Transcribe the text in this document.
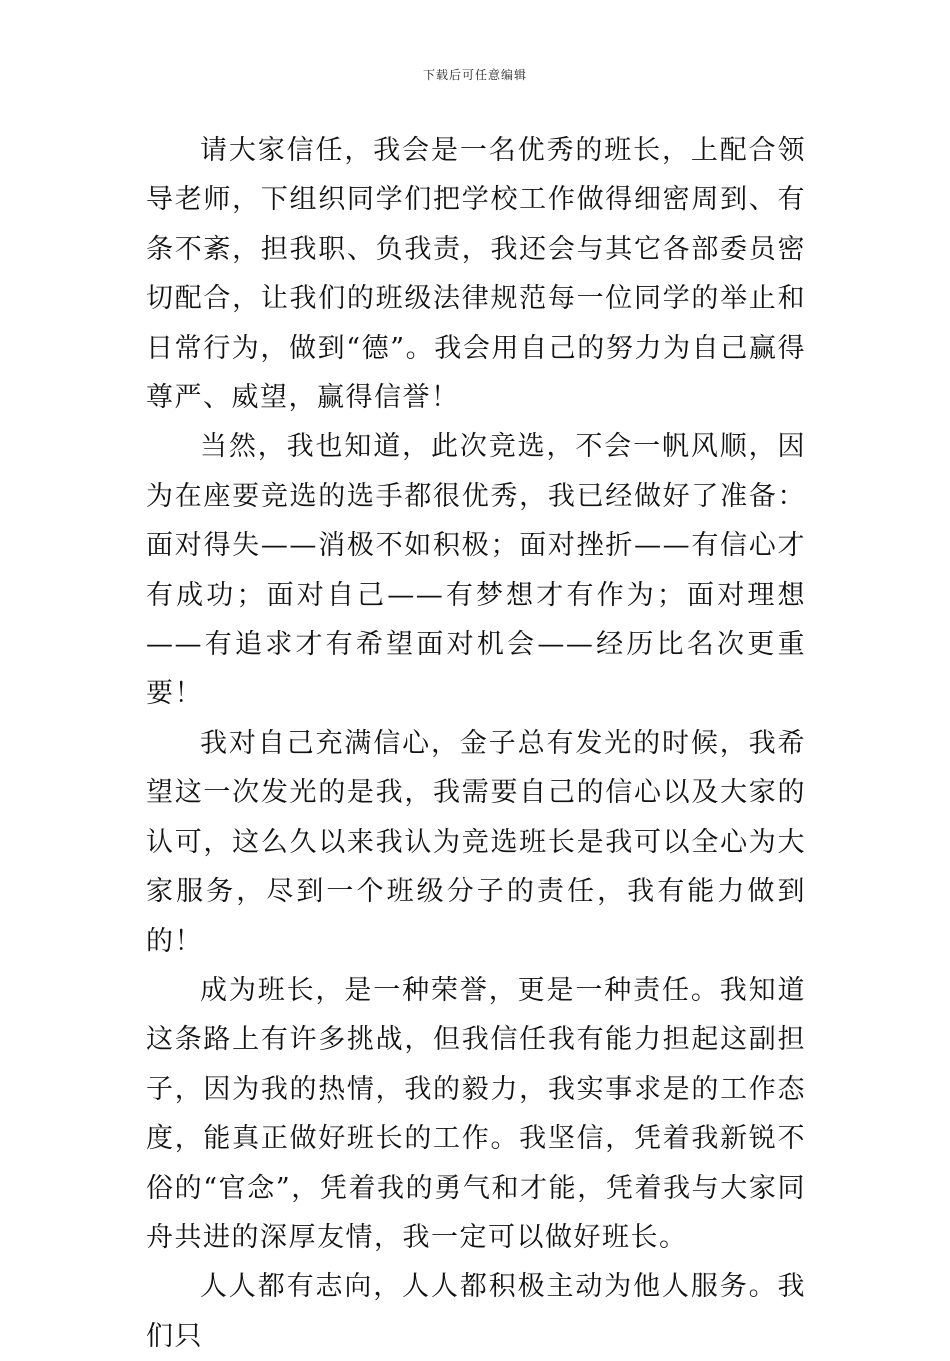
下载后可任意编辑

请大家信任，我会是一名优秀的班长，上配合领导老师，下组织同学们把学校工作做得细密周到、有条不紊，担我职、负我责，我还会与其它各部委员密切配合，让我们的班级法律规范每一位同学的举止和日常行为，做到“德”。我会用自己的努力为自己赢得尊严、威望，赢得信誉！

当然，我也知道，此次竞选，不会一帆风顺，因为在座要竞选的选手都很优秀，我已经做好了准备：面对得失——消极不如积极；面对挫折——有信心才有成功；面对自己——有梦想才有作为；面对理想——有追求才有希望面对机会——经历比名次更重要！

我对自己充满信心，金子总有发光的时候，我希望这一次发光的是我，我需要自己的信心以及大家的认可，这么久以来我认为竞选班长是我可以全心为大家服务，尽到一个班级分子的责任，我有能力做到的！

成为班长，是一种荣誉，更是一种责任。我知道这条路上有许多挑战，但我信任我有能力担起这副担子，因为我的热情，我的毅力，我实事求是的工作态度，能真正做好班长的工作。我坚信，凭着我新锐不俗的“官念”，凭着我的勇气和才能，凭着我与大家同舟共进的深厚友情，我一定可以做好班长。

人人都有志向，人人都积极主动为他人服务。我们只
